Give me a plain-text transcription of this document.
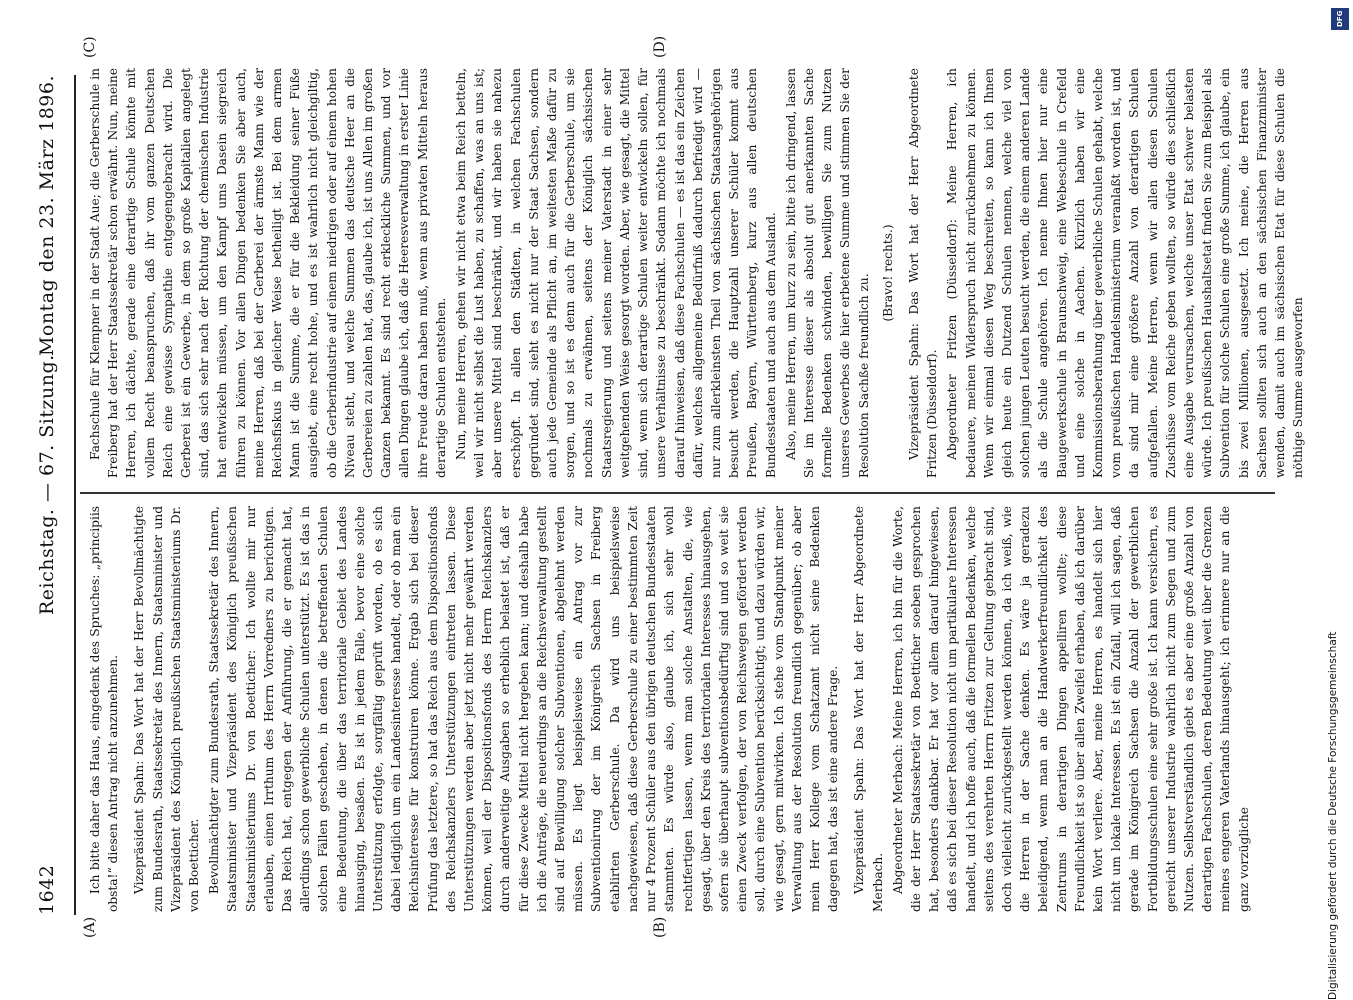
1642
Reichstag. — 67. Sitzung.
Montag den 23. März 1896.
(A)	(B)
(C)	(D)

Ich bitte daher das Haus, eingedenk des Spruches: „principiis obsta!“ diesen Antrag nicht anzunehmen. Vizepräsident Spahn: Das Wort hat der Herr Bevollmächtigte zum Bundesrath, Staatssekretär des Innern, Staatsminister und Vizepräsident des Königlich preußischen Staatsministeriums Dr. von Boetticher. Bevollmächtigter zum Bundesrath, Staatssekretär des Innern, Staatsminister und Vizepräsident des Königlich preußischen Staatsministeriums Dr. von Boetticher: Ich wollte mir nur erlauben, einen Irrthum des Herrn Vorredners zu berichtigen. Das Reich hat, entgegen der Anführung, die er gemacht hat, allerdings schon gewerbliche Schulen unterstützt. Es ist das in solchen Fällen geschehen, in denen die betreffenden Schulen eine Bedeutung, die über das territoriale Gebiet des Landes hinausging, besaßen. Es ist in jedem Falle, bevor eine solche Unterstützung erfolgte, sorgfältig geprüft worden, ob es sich dabei lediglich um ein Landesinteresse handelt, oder ob man ein Reichsinteresse für konstruiren könne. Ergab sich bei dieser Prüfung das letztere, so hat das Reich aus dem Dispositionsfonds des Reichskanzlers Unterstützungen eintreten lassen. Diese Unterstützungen werden aber jetzt nicht mehr gewährt werden können, weil der Dispositionsfonds des Herrn Reichskanzlers durch anderweitige Ausgaben so erheblich belastet ist, daß er für diese Zwecke Mittel nicht hergeben kann; und deshalb habe ich die Anträge, die neuerdings an die Reichsverwaltung gestellt sind auf Bewilligung solcher Subventionen, abgelehnt werden müssen. Es liegt beispielsweise ein Antrag vor zur Subventionirung der im Königreich Sachsen in Freiberg etablirten Gerberschule. Da wird uns beispielsweise nachgewiesen, daß diese Gerberschule zu einer bestimmten Zeit nur 4 Prozent Schüler aus den übrigen deutschen Bundesstaaten stammten. Es würde also, glaube ich, sich sehr wohl rechtfertigen lassen, wenn man solche Anstalten, die, wie gesagt, über den Kreis des territorialen Interesses hinausgehen, sofern sie überhaupt subventionsbedürftig sind und so weit sie einen Zweck verfolgen, der von Reichswegen gefördert werden soll, durch eine Subvention berücksichtigt; und dazu würden wir, wie gesagt, gern mitwirken. Ich stehe vom Standpunkt meiner Verwaltung aus der Resolution freundlich gegenüber; ob aber mein Herr Kollege vom Schatzamt nicht seine Bedenken dagegen hat, das ist eine andere Frage. Vizepräsident Spahn: Das Wort hat der Herr Abgeordnete Merbach. Abgeordneter Merbach: Meine Herren, ich bin für die Worte, die der Herr Staatssekretär von Boetticher soeben gesprochen hat, besonders dankbar. Er hat vor allem darauf hingewiesen, daß es sich bei dieser Resolution nicht um partikulare Interessen handelt, und ich hoffe auch, daß die formellen Bedenken, welche seitens des verehrten Herrn Fritzen zur Geltung gebracht sind, doch vielleicht zurückgestellt werden können, da ich weiß, wie die Herren in der Sache denken. Es wäre ja geradezu beleidigend, wenn man an die Handwerkerfreundlichkeit des Zentrums in derartigen Dingen appelliren wollte; diese Freundlichkeit ist so über allen Zweifel erhaben, daß ich darüber kein Wort verliere. Aber, meine Herren, es handelt sich hier nicht um lokale Interessen. Es ist ein Zufall, will ich sagen, daß gerade im Königreich Sachsen die Anzahl der gewerblichen Fortbildungsschulen eine sehr große ist. Ich kann versichern, es gereicht unserer Industrie wahrlich nicht zum Segen und zum Nutzen. Selbstverständlich giebt es aber eine große Anzahl von derartigen Fachschulen, deren Bedeutung weit über die Grenzen meines engeren Vaterlands hinausgeht; ich erinnere nur an die ganz vorzügliche

Fachschule für Klempner in der Stadt Aue; die Gerberschule in Freiberg hat der Herr Staatssekretär schon erwähnt. Nun, meine Herren, ich dächte, gerade eine derartige Schule könnte mit vollem Recht beanspruchen, daß ihr vom ganzen Deutschen Reich eine gewisse Sympathie entgegengebracht wird. Die Gerberei ist ein Gewerbe, in dem so große Kapitalien angelegt sind, das sich sehr nach der Richtung der chemischen Industrie hat entwickeln müssen, um den Kampf ums Dasein siegreich führen zu können. Vor allen Dingen bedenken Sie aber auch, meine Herren, daß bei der Gerberei der ärmste Mann wie der Reichsfiskus in gleicher Weise betheiligt ist. Bei dem armen Mann ist die Summe, die er für die Bekleidung seiner Füße ausgiebt, eine recht hohe, und es ist wahrlich nicht gleichgiltig, ob die Gerberindustrie auf einem niedrigen oder auf einem hohen Niveau steht, und welche Summen das deutsche Heer an die Gerbereien zu zahlen hat, das, glaube ich, ist uns Allen im großen Ganzen bekannt. Es sind recht erkleckliche Summen, und vor allen Dingen glaube ich, daß die Heeresverwaltung in erster Linie ihre Freude daran haben muß, wenn aus privaten Mitteln heraus derartige Schulen entstehen. Nun, meine Herren, gehen wir nicht etwa beim Reich betteln, weil wir nicht selbst die Lust haben, zu schaffen, was an uns ist; aber unsere Mittel sind beschränkt, und wir haben sie nahezu erschöpft. In allen den Städten, in welchen Fachschulen gegründet sind, sieht es nicht nur der Staat Sachsen, sondern auch jede Gemeinde als Pflicht an, im weitesten Maße dafür zu sorgen, und so ist es denn auch für die Gerberschule, um sie nochmals zu erwähnen, seitens der Königlich sächsischen Staatsregierung und seitens meiner Vaterstadt in einer sehr weitgehenden Weise gesorgt worden. Aber, wie gesagt, die Mittel sind, wenn sich derartige Schulen weiter entwickeln sollen, für unsere Verhältnisse zu beschränkt. Sodann möchte ich nochmals darauf hinweisen, daß diese Fachschulen — es ist das ein Zeichen dafür, welches allgemeine Bedürfniß dadurch befriedigt wird — nur zum allerkleinsten Theil von sächsischen Staatsangehörigen besucht werden, die Hauptzahl unserer Schüler kommt aus Preußen, Bayern, Württemberg, kurz aus allen deutschen Bundesstaaten und auch aus dem Ausland. Also, meine Herren, um kurz zu sein, bitte ich dringend, lassen Sie im Interesse dieser als absolut gut anerkannten Sache formelle Bedenken schwinden, bewilligen Sie zum Nutzen unseres Gewerbes die hier erbetene Summe und stimmen Sie der Resolution Sachße freundlich zu.

(Bravo! rechts.) Vizepräsident Spahn: Das Wort hat der Herr Abgeordnete Fritzen (Düsseldorf). Abgeordneter Fritzen (Düsseldorf): Meine Herren, ich bedauere, meinen Widerspruch nicht zurücknehmen zu können. Wenn wir einmal diesen Weg beschreiten, so kann ich Ihnen gleich heute ein Dutzend Schulen nennen, welche viel von solchen jungen Leuten besucht werden, die einem anderen Lande als die Schule angehören. Ich nenne Ihnen hier nur eine Baugewerkschule in Braunschweig, eine Webeschule in Crefeld und eine solche in Aachen. Kürzlich haben wir eine Kommissionsberathung über gewerbliche Schulen gehabt, welche vom preußischen Handelsministerium veranlaßt worden ist, und da sind mir eine größere Anzahl von derartigen Schulen aufgefallen. Meine Herren, wenn wir allen diesen Schulen Zuschüsse vom Reiche geben wollten, so würde dies schließlich eine Ausgabe verursachen, welche unser Etat schwer belasten würde. Ich preußischen Haushaltsetat finden Sie zum Beispiel als Subvention für solche Schulen eine große Summe, ich glaube, ein bis zwei Millionen, ausgesetzt. Ich meine, die Herren aus Sachsen sollten sich auch an den sächsischen Finanzminister wenden, damit auch im sächsischen Etat für diese Schulen die nöthige Summe ausgeworfen

DFG
Digitalisierung gefördert durch die Deutsche Forschungsgemeinschaft
